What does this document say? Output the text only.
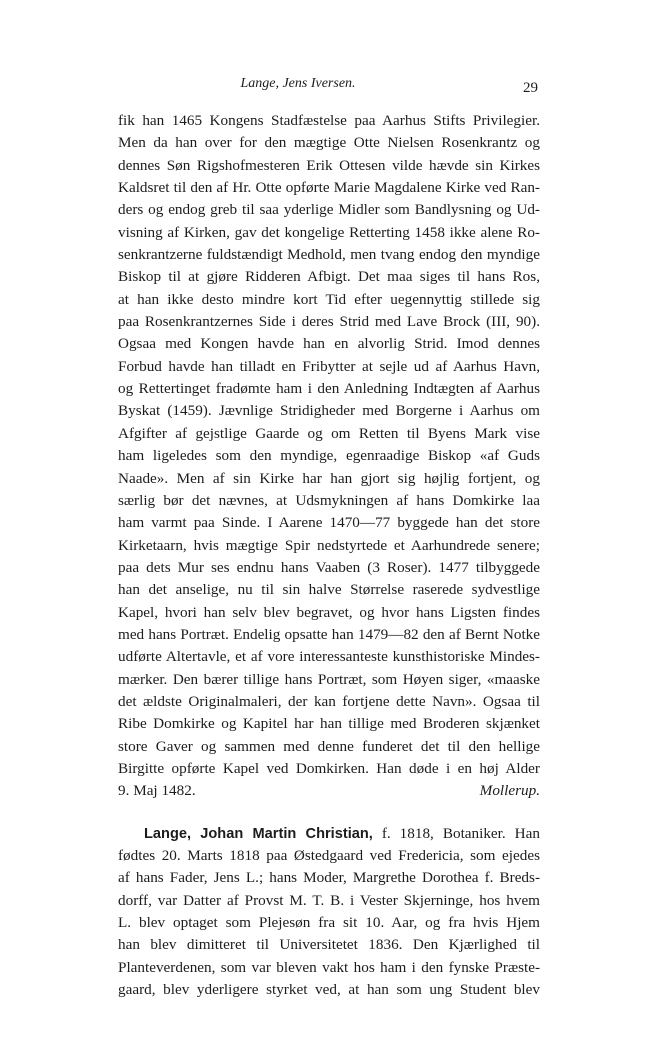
Lange, Jens Iversen.	29
fik han 1465 Kongens Stadfæstelse paa Aarhus Stifts Privilegier.
Men da han over for den mægtige Otte Nielsen Rosenkrantz og
dennes Søn Rigshofmesteren Erik Ottesen vilde hævde sin Kirkes
Kaldsret til den af Hr. Otte opførte Marie Magdalene Kirke ved Ran-
ders og endog greb til saa yderlige Midler som Bandlysning og Ud-
visning af Kirken, gav det kongelige Retterting 1458 ikke alene Ro-
senkrantzerne fuldstændigt Medhold, men tvang endog den myndige
Biskop til at gjøre Ridderen Afbigt. Det maa siges til hans Ros,
at han ikke desto mindre kort Tid efter uegennyttig stillede sig
paa Rosenkrantzernes Side i deres Strid med Lave Brock (III, 90).
Ogsaa med Kongen havde han en alvorlig Strid. Imod dennes
Forbud havde han tilladt en Fribytter at sejle ud af Aarhus Havn,
og Rettertinget fradømte ham i den Anledning Indtægten af Aarhus
Byskat (1459). Jævnlige Stridigheder med Borgerne i Aarhus om
Afgifter af gejstlige Gaarde og om Retten til Byens Mark vise
ham ligeledes som den myndige, egenraadige Biskop «af Guds
Naade». Men af sin Kirke har han gjort sig højlig fortjent, og
særlig bør det nævnes, at Udsmykningen af hans Domkirke laa
ham varmt paa Sinde. I Aarene 1470—77 byggede han det store
Kirketaarn, hvis mægtige Spir nedstyrtede et Aarhundrede senere;
paa dets Mur ses endnu hans Vaaben (3 Roser). 1477 tilbyggede
han det anselige, nu til sin halve Størrelse raserede sydvestlige
Kapel, hvori han selv blev begravet, og hvor hans Ligsten findes
med hans Portræt. Endelig opsatte han 1479—82 den af Bernt Notke
udførte Altertavle, et af vore interessanteste kunsthistoriske Mindes-
mærker. Den bærer tillige hans Portræt, som Høyen siger, «maaske
det ældste Originalmaleri, der kan fortjene dette Navn». Ogsaa til
Ribe Domkirke og Kapitel har han tillige med Broderen skjænket
store Gaver og sammen med denne funderet det til den hellige
Birgitte opførte Kapel ved Domkirken. Han døde i en høj Alder
9. Maj 1482.	Mollerup.
Lange, Johan Martin Christian, f. 1818, Botaniker. Han
fødtes 20. Marts 1818 paa Østedgaard ved Fredericia, som ejedes
af hans Fader, Jens L.; hans Moder, Margrethe Dorothea f. Breds-
dorff, var Datter af Provst M. T. B. i Vester Skjerninge, hos hvem
L. blev optaget som Plejesøn fra sit 10. Aar, og fra hvis Hjem
han blev dimitteret til Universitetet 1836. Den Kjærlighed til
Planteverdenen, som var bleven vakt hos ham i den fynske Præste-
gaard, blev yderligere styrket ved, at han som ung Student blev
